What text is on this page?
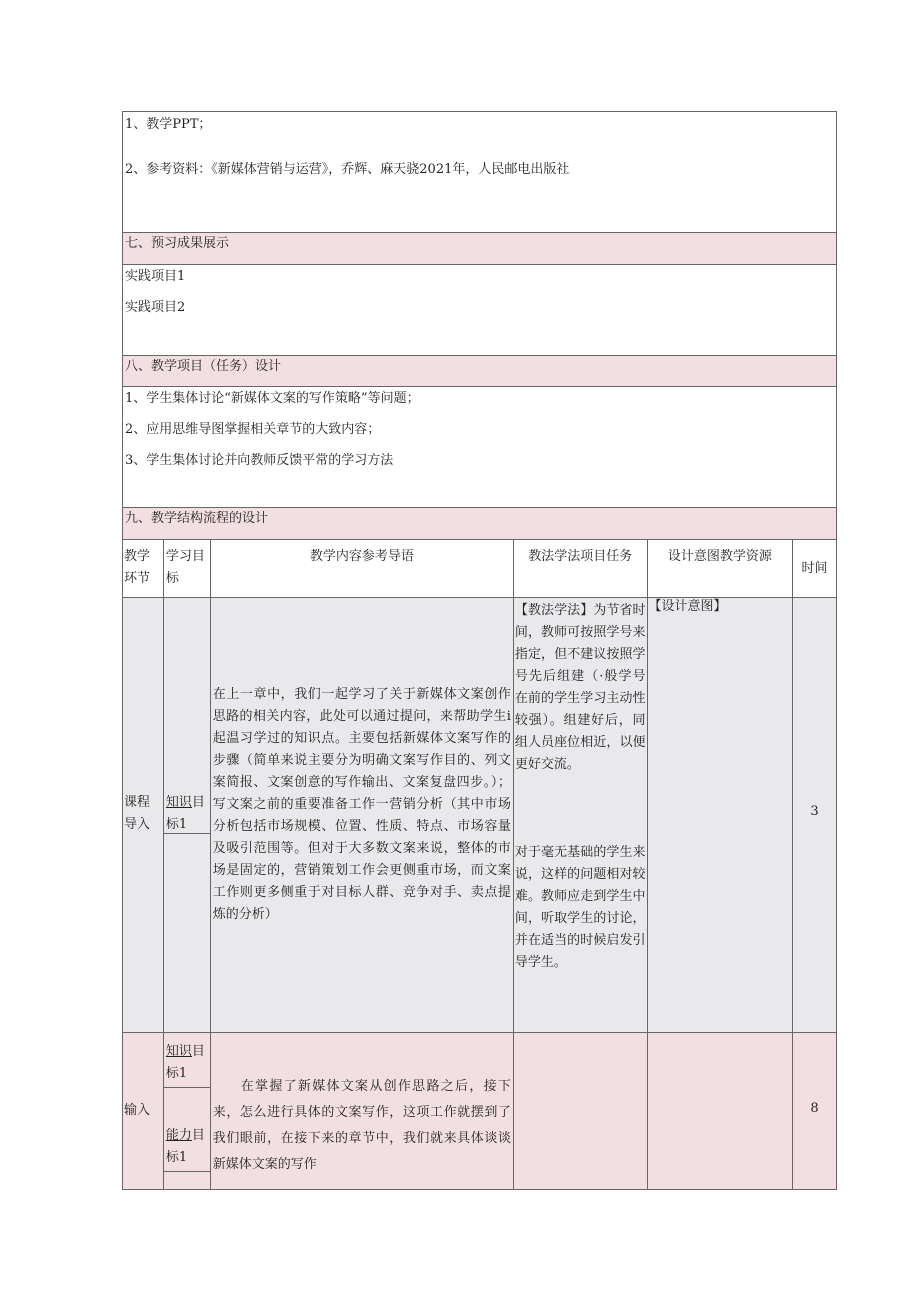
1、教学PPT；
2、参考资料：《新媒体营销与运营》，乔辉、麻天骁2021年，人民邮电出版社
七、预习成果展示
实践项目1
实践项目2
八、教学项目（任务）设计
1、学生集体讨论“新媒体文案的写作策略”等问题；
2、应用思维导图掌握相关章节的大致内容；
3、学生集体讨论并向教师反馈平常的学习方法
九、教学结构流程的设计
教学环节
学习目标
教学内容参考导语	教法学法项目任务	设计意图教学资源
时间
课程导入
知识目标1
在上一章中，我们一起学习了关于新媒体文案创作思路的相关内容，此处可以通过提问，来帮助学生i起温习学过的知识点。主要包括新媒体文案写作的步骤（简单来说主要分为明确文案写作目的、列文案简报、文案创意的写作输出、文案复盘四步。）；写文案之前的重要准备工作一营销分析（其中市场分析包括市场规模、位置、性质、特点、市场容量及吸引范围等。但对于大多数文案来说，整体的市场是固定的，营销策划工作会更侧重市场，而文案工作则更多侧重于对目标人群、竞争对手、卖点提炼的分析）
【教法学法】为节省时间，教师可按照学号来指定，但不建议按照学号先后组建（·般学号在前的学生学习主动性较强）。组建好后，同组人员座位相近，以便更好交流。
对于毫无基础的学生来说，这样的问题相对较难。教师应走到学生中间，听取学生的讨论，并在适当的时候启发引导学生。
【设计意图】
3
输入
知识目标1
能力目标1
在掌握了新媒体文案从创作思路之后，接下来，怎么进行具体的文案写作，这项工作就摆到了我们眼前，在接下来的章节中，我们就来具体谈谈新媒体文案的写作
8
